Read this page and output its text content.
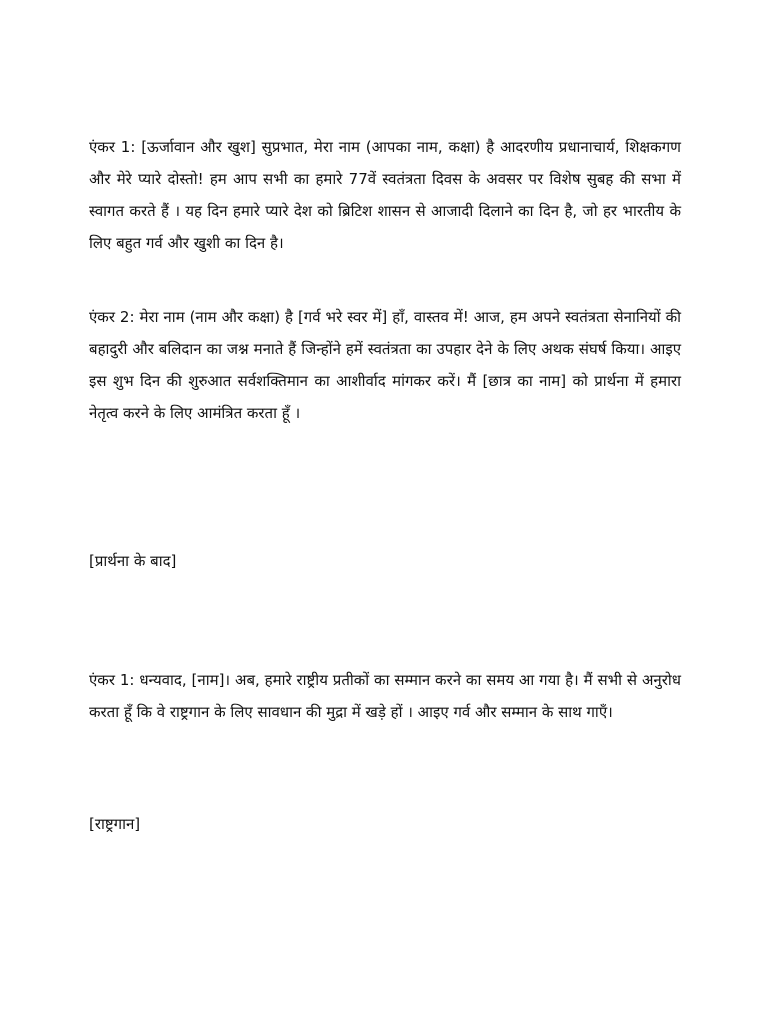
एंकर 1: [ऊर्जावान और खुश] सुप्रभात, मेरा नाम (आपका नाम, कक्षा) है आदरणीय प्रधानाचार्य, शिक्षकगण और मेरे प्यारे दोस्तो! हम आप सभी का हमारे 77वें स्वतंत्रता दिवस के अवसर पर विशेष सुबह की सभा में स्वागत करते हैं । यह दिन हमारे प्यारे देश को ब्रिटिश शासन से आजादी दिलाने का दिन है, जो हर भारतीय के लिए बहुत गर्व और खुशी का दिन है।

एंकर 2: मेरा नाम (नाम और कक्षा) है [गर्व भरे स्वर में] हाँ, वास्तव में! आज, हम अपने स्वतंत्रता सेनानियों की बहादुरी और बलिदान का जश्न मनाते हैं जिन्होंने हमें स्वतंत्रता का उपहार देने के लिए अथक संघर्ष किया। आइए इस शुभ दिन की शुरुआत सर्वशक्तिमान का आशीर्वाद मांगकर करें। मैं [छात्र का नाम] को प्रार्थना में हमारा नेतृत्व करने के लिए आमंत्रित करता हूँ ।

[प्रार्थना के बाद]

एंकर 1: धन्यवाद, [नाम]। अब, हमारे राष्ट्रीय प्रतीकों का सम्मान करने का समय आ गया है। मैं सभी से अनुरोध करता हूँ कि वे राष्ट्रगान के लिए सावधान की मुद्रा में खड़े हों । आइए गर्व और सम्मान के साथ गाएँ।

[राष्ट्रगान]
